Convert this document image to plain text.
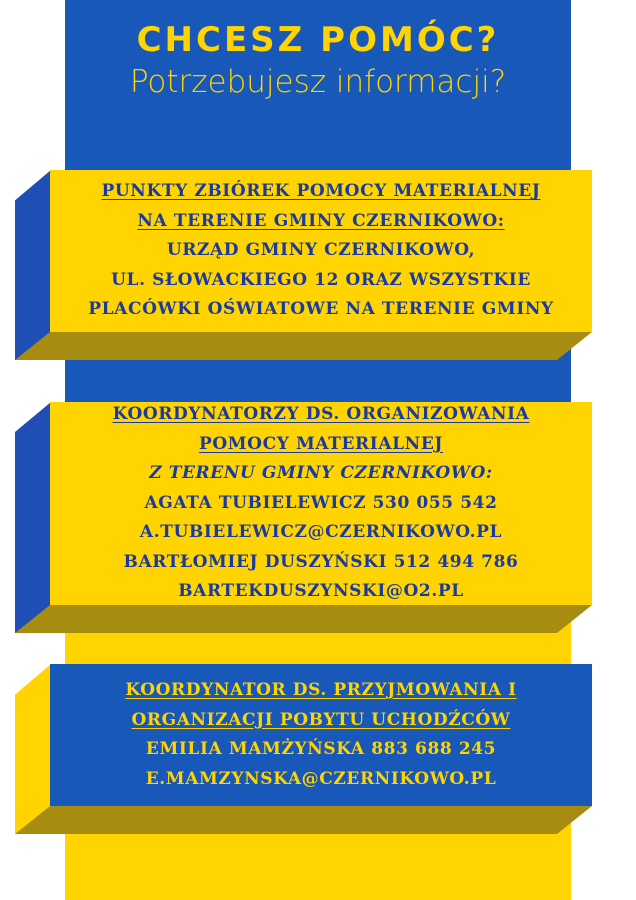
CHCESZ POMÓC?
Potrzebujesz informacji?
PUNKTY ZBIÓREK POMOCY MATERIALNEJ
NA TERENIE GMINY CZERNIKOWO:
URZĄD GMINY CZERNIKOWO,
UL. SŁOWACKIEGO 12 ORAZ WSZYSTKIE
PLACÓWKI OŚWIATOWE NA TERENIE GMINY
KOORDYNATORZY DS. ORGANIZOWANIA
POMOCY MATERIALNEJ
Z TERENU GMINY CZERNIKOWO:
AGATA TUBIELEWICZ 530 055 542
A.TUBIELEWICZ@CZERNIKOWO.PL
BARTŁOMIEJ DUSZYŃSKI 512 494 786
BARTEKDUSZYNSKI@O2.PL
KOORDYNATOR DS. PRZYJMOWANIA I
ORGANIZACJI POBYTU UCHODŹCÓW
EMILIA MAMŻYŃSKA 883 688 245
E.MAMZYNSKA@CZERNIKOWO.PL
